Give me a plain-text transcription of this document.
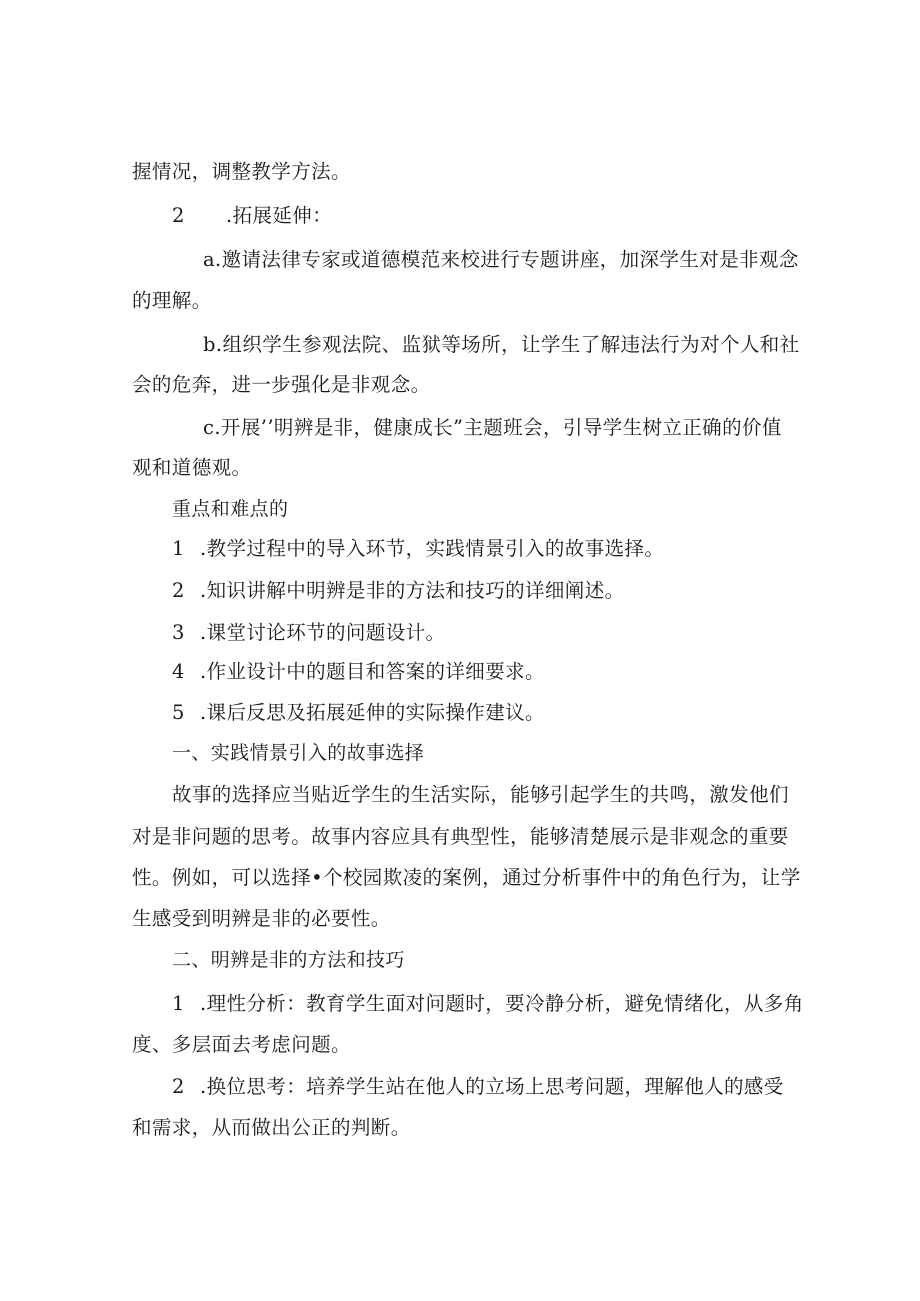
握情况，调整教学方法。
2 .拓展延伸：
a.邀请法律专家或道德模范来校进行专题讲座，加深学生对是非观念
的理解。
b.组织学生参观法院、监狱等场所，让学生了解违法行为对个人和社
会的危奔，进一步强化是非观念。
c.开展’’明辨是非，健康成长”主题班会，引导学生树立正确的价值
观和道德观。
重点和难点的
1 .教学过程中的导入环节，实践情景引入的故事选择。
2 .知识讲解中明辨是非的方法和技巧的详细阐述。
3 .课堂讨论环节的问题设计。
4 .作业设计中的题目和答案的详细要求。
5 .课后反思及拓展延伸的实际操作建议。
一、实践情景引入的故事选择
故事的选择应当贴近学生的生活实际，能够引起学生的共鸣，激发他们
对是非问题的思考。故事内容应具有典型性，能够清楚展示是非观念的重要
性。例如，可以选择•个校园欺凌的案例，通过分析事件中的角色行为，让学
生感受到明辨是非的必要性。
二、明辨是非的方法和技巧
1 .理性分析：教育学生面对问题时，要冷静分析，避免情绪化，从多角
度、多层面去考虑问题。
2 .换位思考：培养学生站在他人的立场上思考问题，理解他人的感受
和需求，从而做出公正的判断。
